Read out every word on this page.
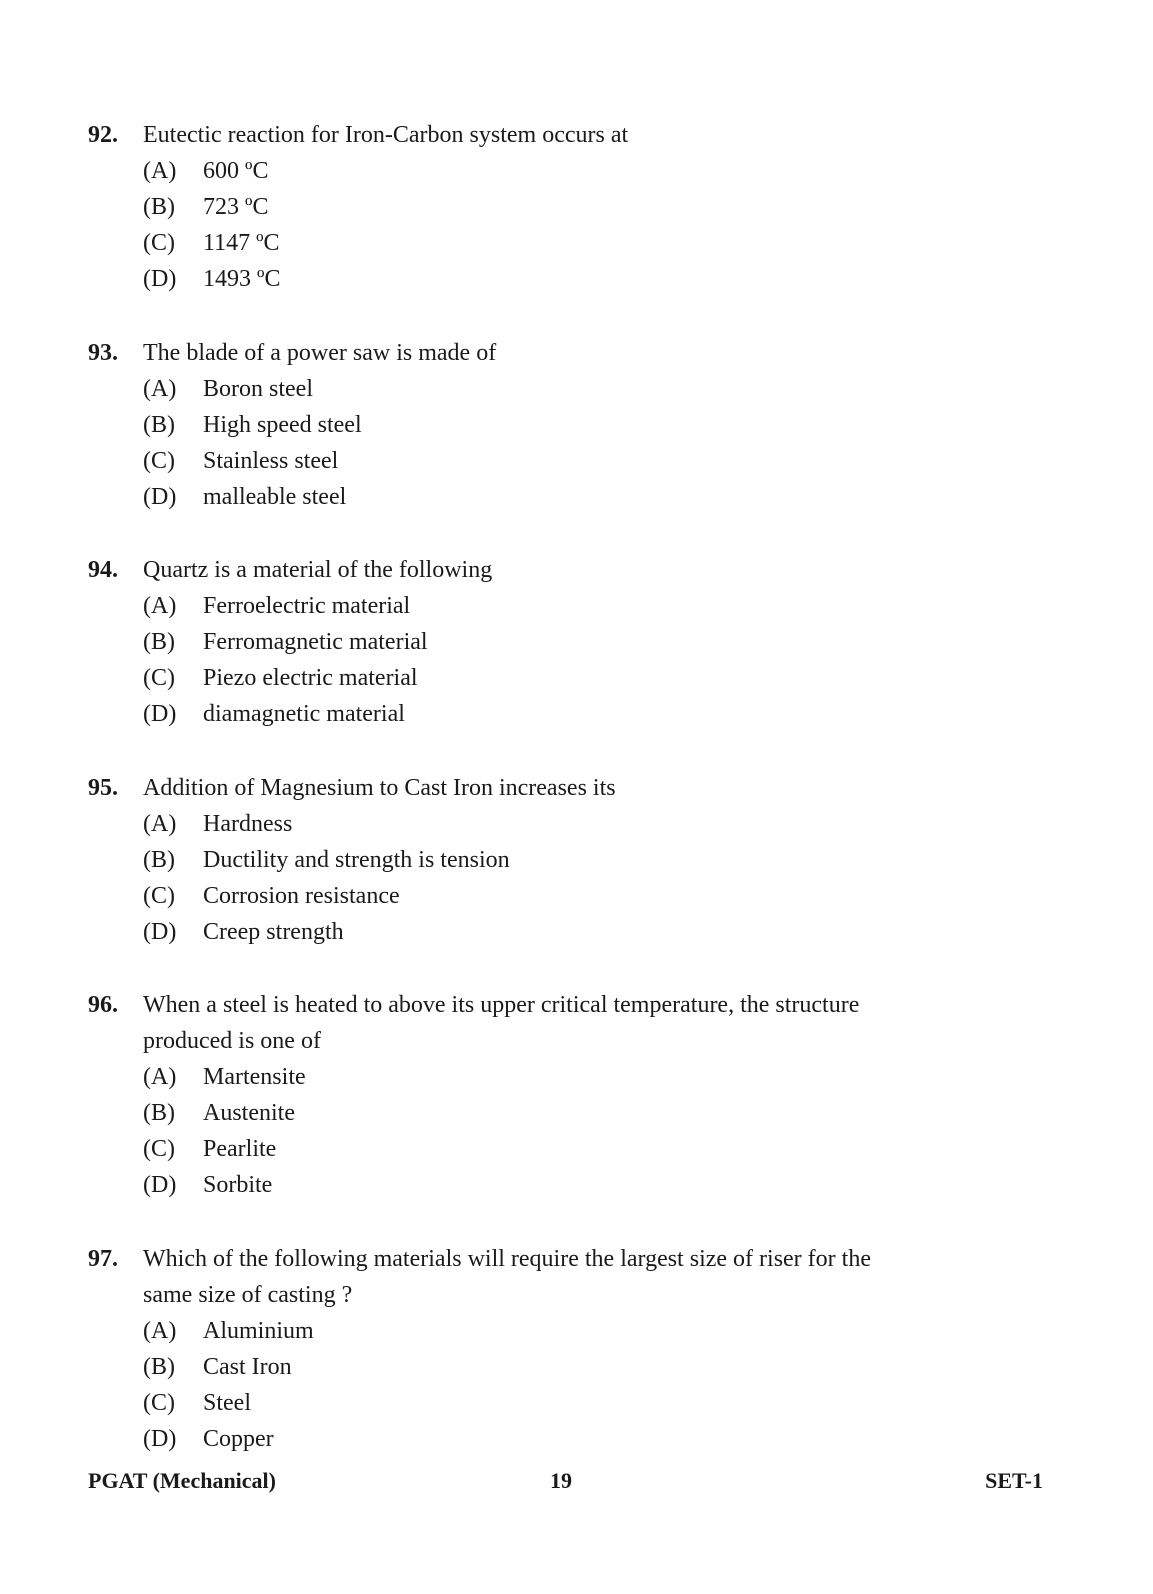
92. Eutectic reaction for Iron-Carbon system occurs at
(A) 600 ºC
(B) 723 ºC
(C) 1147 ºC
(D) 1493 ºC
93. The blade of a power saw is made of
(A) Boron steel
(B) High speed steel
(C) Stainless steel
(D) malleable steel
94. Quartz is a material of the following
(A) Ferroelectric material
(B) Ferromagnetic material
(C) Piezo electric material
(D) diamagnetic material
95. Addition of Magnesium to Cast Iron increases its
(A) Hardness
(B) Ductility and strength is tension
(C) Corrosion resistance
(D) Creep strength
96. When a steel is heated to above its upper critical temperature, the structure
produced is one of
(A) Martensite
(B) Austenite
(C) Pearlite
(D) Sorbite
97. Which of the following materials will require the largest size of riser for the
same size of casting ?
(A) Aluminium
(B) Cast Iron
(C) Steel
(D) Copper
PGAT (Mechanical)	19	SET-1
